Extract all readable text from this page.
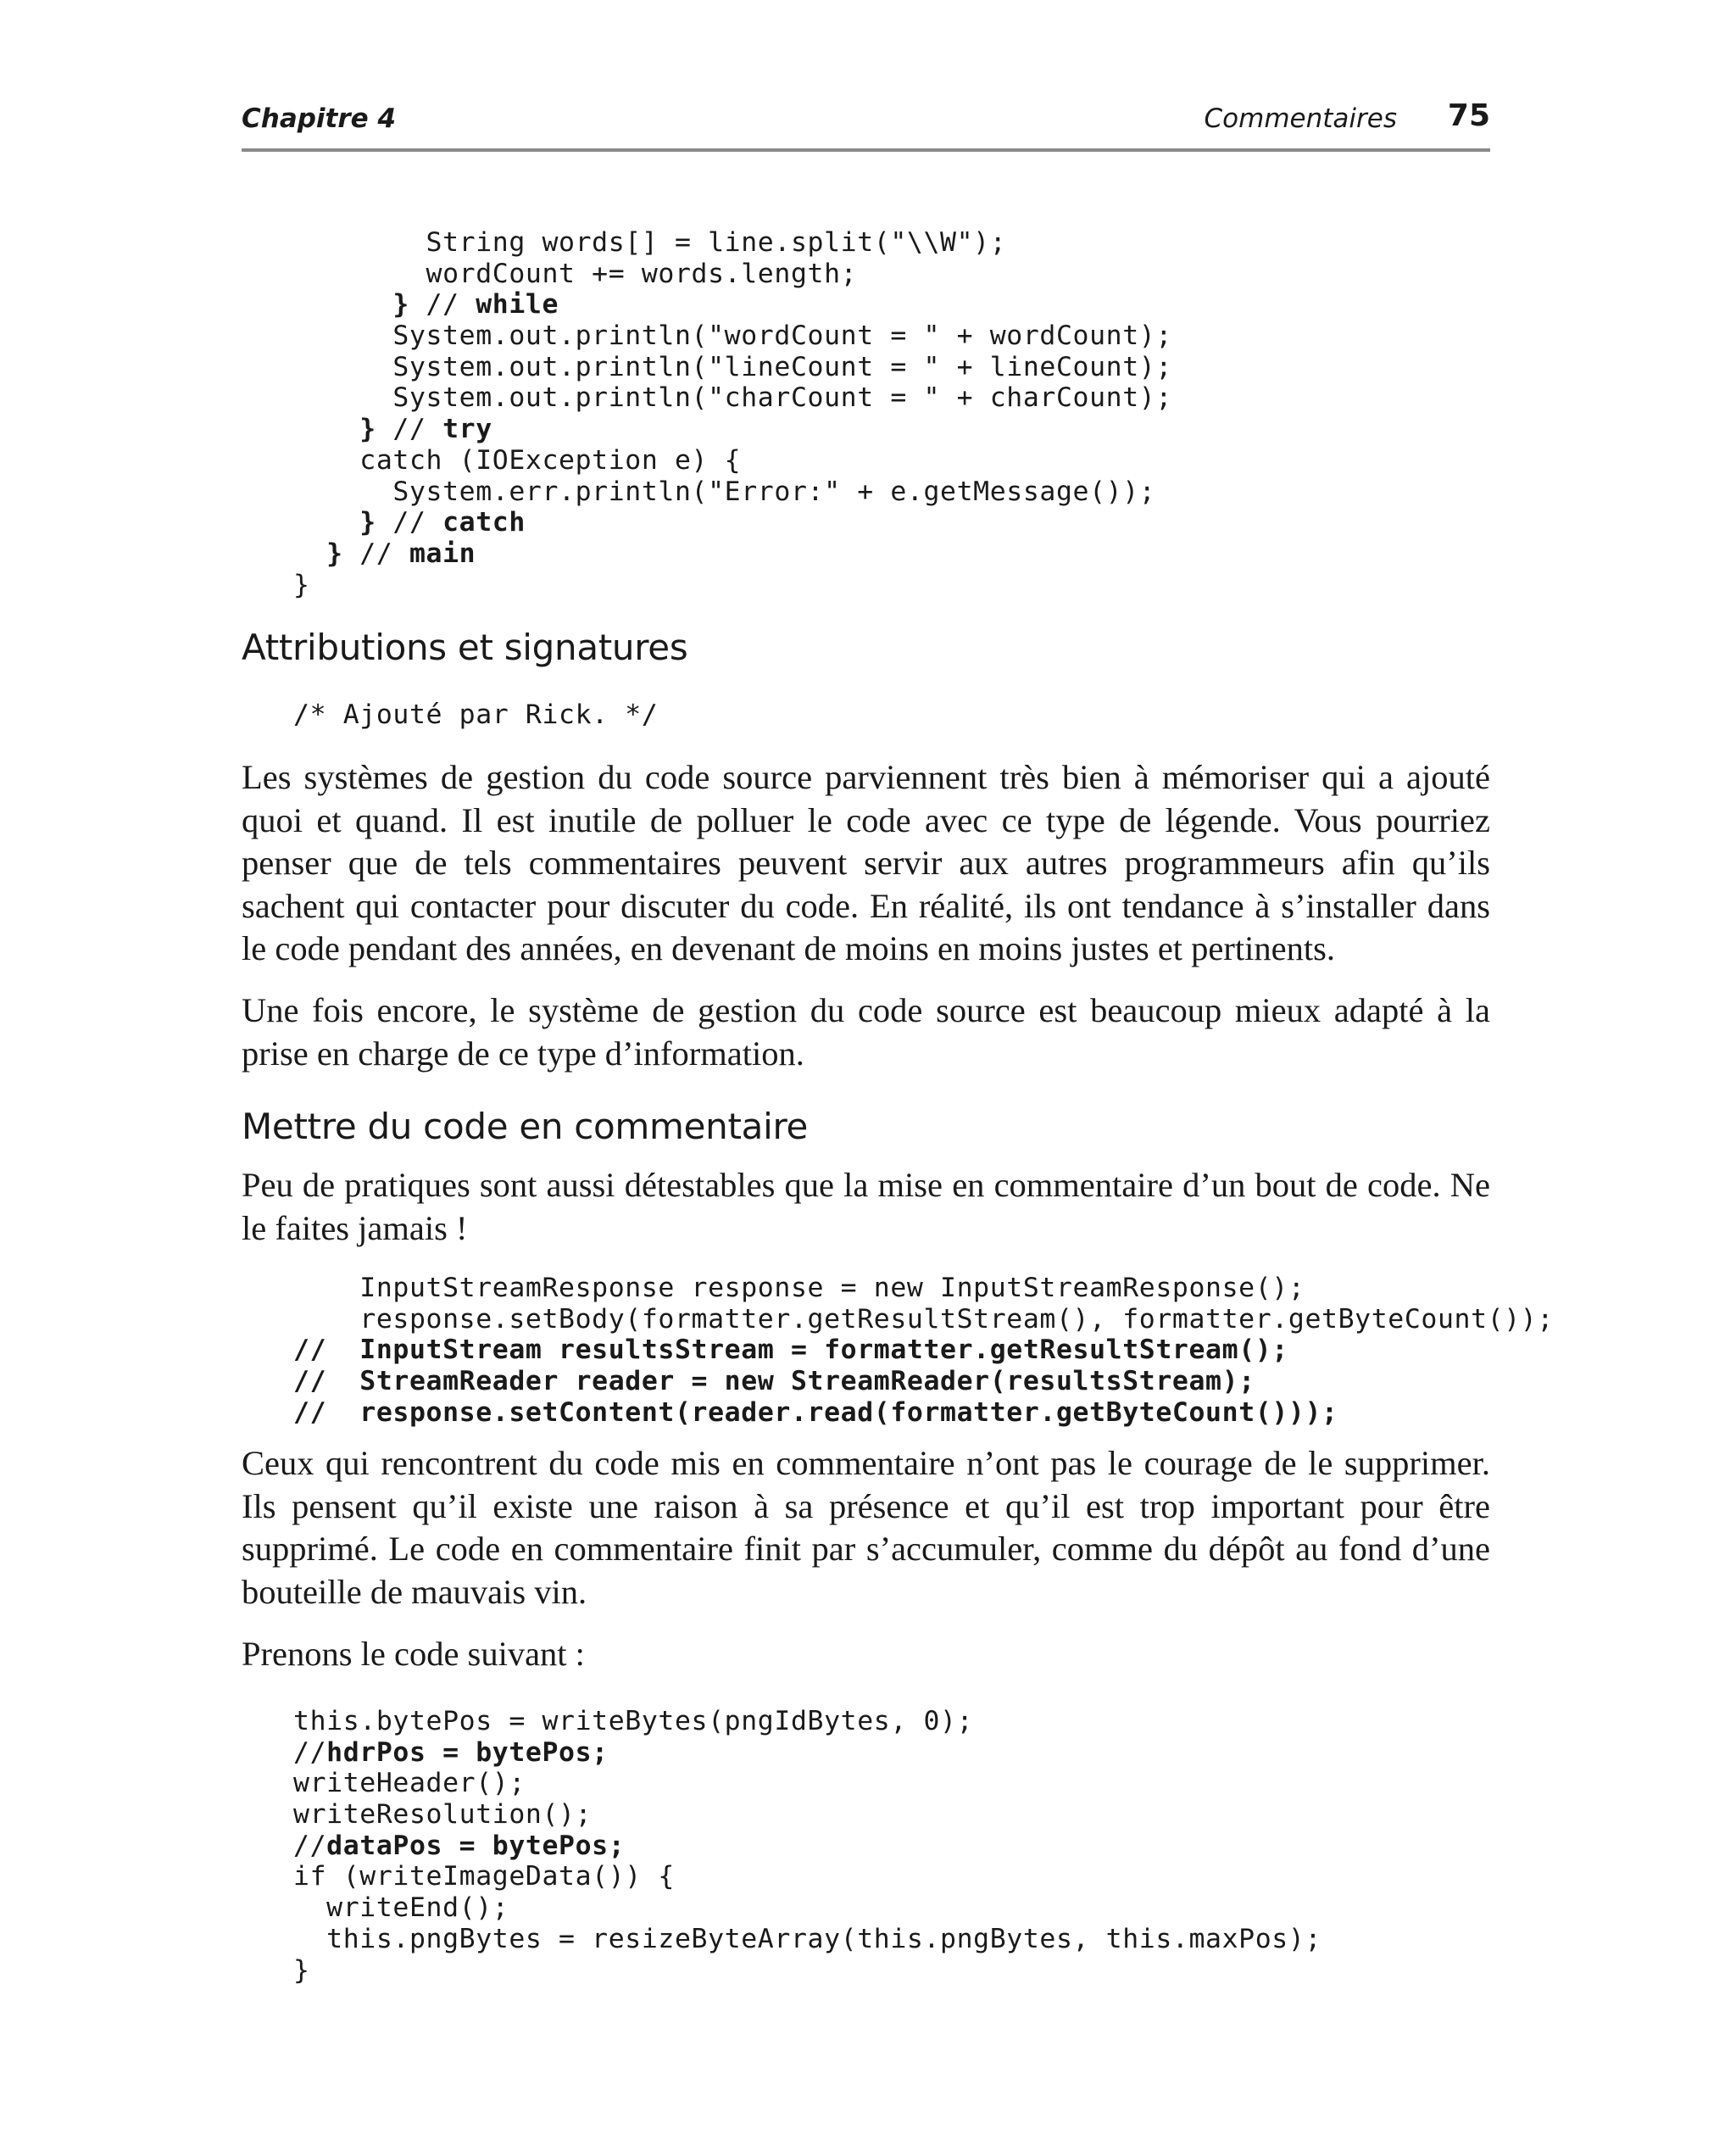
Chapitre 4	Commentaires 75
String words[] = line.split("\\W");
wordCount += words.length;
} // while
System.out.println("wordCount = " + wordCount);
System.out.println("lineCount = " + lineCount);
System.out.println("charCount = " + charCount);
} // try
catch (IOException e) {
System.err.println("Error:" + e.getMessage());
} // catch
} // main
}
Attributions et signatures
/* Ajouté par Rick. */

Les systèmes de gestion du code source parviennent très bien à mémoriser qui a ajouté quoi et quand. Il est inutile de polluer le code avec ce type de légende. Vous pourriez penser que de tels commentaires peuvent servir aux autres programmeurs afin qu’ils sachent qui contacter pour discuter du code. En réalité, ils ont tendance à s’installer dans le code pendant des années, en devenant de moins en moins justes et pertinents.

Une fois encore, le système de gestion du code source est beaucoup mieux adapté à la prise en charge de ce type d’information.

Mettre du code en commentaire

Peu de pratiques sont aussi détestables que la mise en commentaire d’un bout de code. Ne le faites jamais !

InputStreamResponse response = new InputStreamResponse();
response.setBody(formatter.getResultStream(), formatter.getByteCount());
//  InputStream resultsStream = formatter.getResultStream();
//  StreamReader reader = new StreamReader(resultsStream);
//  response.setContent(reader.read(formatter.getByteCount()));

Ceux qui rencontrent du code mis en commentaire n’ont pas le courage de le supprimer. Ils pensent qu’il existe une raison à sa présence et qu’il est trop important pour être supprimé. Le code en commentaire finit par s’accumuler, comme du dépôt au fond d’une bouteille de mauvais vin.

Prenons le code suivant :

this.bytePos = writeBytes(pngIdBytes, 0);
//hdrPos = bytePos;
writeHeader();
writeResolution();
//dataPos = bytePos;
if (writeImageData()) {
writeEnd();
this.pngBytes = resizeByteArray(this.pngBytes, this.maxPos);
}
